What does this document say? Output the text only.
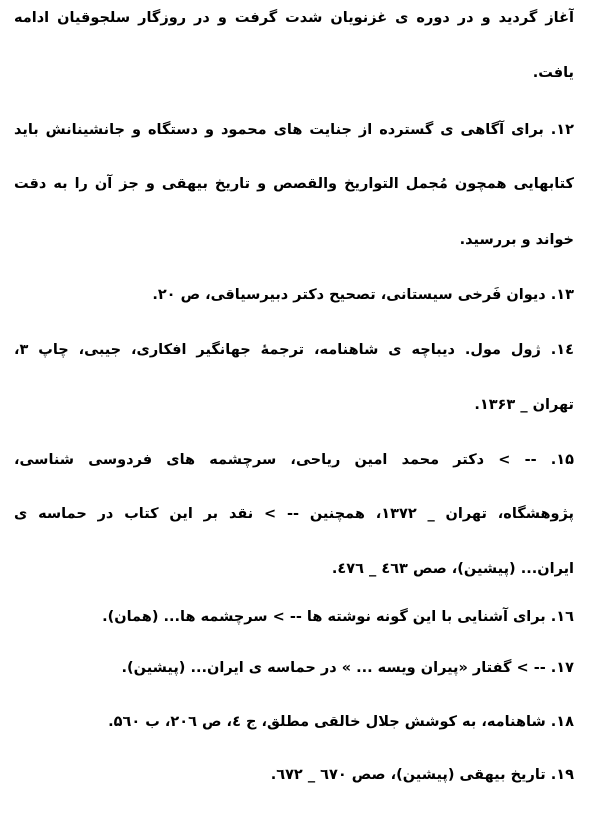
آغاز گردید و در دوره ی غزنویان شدت گرفت و در روزگار سلجوقیان ادامه
یافت.
۱۲. برای آگاهی ی گسترده از جنایت های محمود و دستگاه و جانشینانش باید
کتابهایی همچون مُجمل التواریخ والقصص و تاریخ بیهقی و جز آن را به دقت
خواند و بررسید.
۱۳. دیوان فَرخی سیستانی، تصحیح دکتر دبیرسیاقی، ص ۲۰.
۱٤. ژول مول. دیباچه ی شاهنامه، ترجمهٔ جهانگیر افکاری، جیبی، چاپ ۳،
تهران _ ۱۳۶۳.
۱۵. -- > دکتر محمد امین ریاحی، سرچشمه های فردوسی شناسی،
پژوهشگاه، تهران _ ۱۳۷۲، همچنین -- > نقد بر این کتاب در حماسه ی
ایران... (پیشین)، صص ٤٦۳ _ ٤۷٦.
۱٦. برای آشنایی با این گونه نوشته ها -- > سرچشمه ها... (همان).
۱۷. -- > گفتار «پیران ویسه ... » در حماسه ی ایران... (پیشین).
۱۸. شاهنامه، به کوشش جلال خالقی مطلق، ج ٤، ص ۲۰٦، ب ۵٦۰.
۱۹. تاریخ بیهقی (پیشین)، صص ٦۷۰ _ ٦۷۲.
